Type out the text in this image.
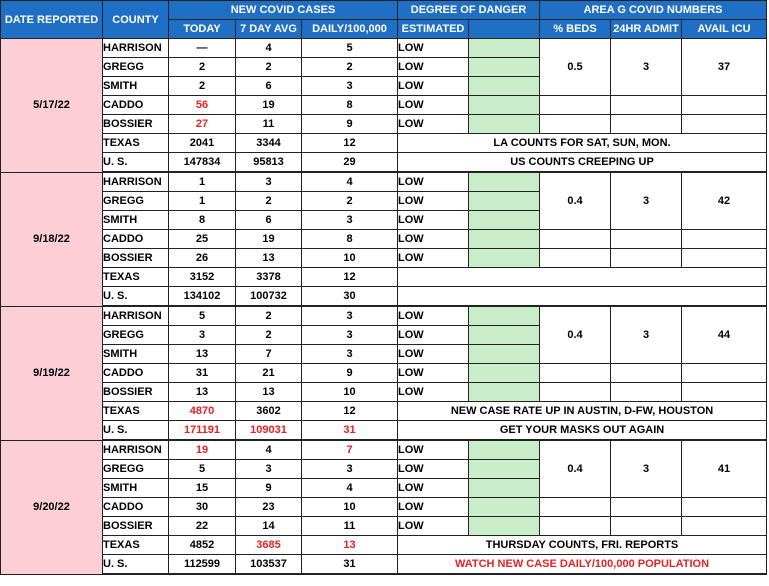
DATE REPORTED	COUNTY	NEW COVID CASES			DEGREE OF DANGER		AREA G COVID NUMBERS		
		TODAY	7 DAY AVG	DAILY/100,000	ESTIMATED		% BEDS	24HR ADMIT	AVAIL ICU
5/17/22	HARRISON	—	4	5	LOW		0.5	3	37
	GREGG	2	2	2	LOW				
	SMITH	2	6	3	LOW				
	CADDO	56	19	8	LOW				
	BOSSIER	27	11	9	LOW				
	TEXAS	2041	3344	12	LA COUNTS FOR SAT, SUN, MON.				
	U. S.	147834	95813	29	US COUNTS CREEPING UP				
9/18/22	HARRISON	1	3	4	LOW		0.4	3	42
	GREGG	1	2	2	LOW				
	SMITH	8	6	3	LOW				
	CADDO	25	19	8	LOW				
	BOSSIER	26	13	10	LOW				
	TEXAS	3152	3378	12					
	U. S.	134102	100732	30					
9/19/22	HARRISON	5	2	3	LOW		0.4	3	44
	GREGG	3	2	3	LOW				
	SMITH	13	7	3	LOW				
	CADDO	31	21	9	LOW				
	BOSSIER	13	13	10	LOW				
	TEXAS	4870	3602	12	NEW CASE RATE UP IN AUSTIN, D-FW, HOUSTON				
	U. S.	171191	109031	31	GET YOUR MASKS OUT AGAIN				
9/20/22	HARRISON	19	4	7	LOW		0.4	3	41
	GREGG	5	3	3	LOW				
	SMITH	15	9	4	LOW				
	CADDO	30	23	10	LOW				
	BOSSIER	22	14	11	LOW				
	TEXAS	4852	3685	13	THURSDAY COUNTS, FRI. REPORTS				
	U. S.	112599	103537	31	WATCH NEW CASE DAILY/100,000 POPULATION				
